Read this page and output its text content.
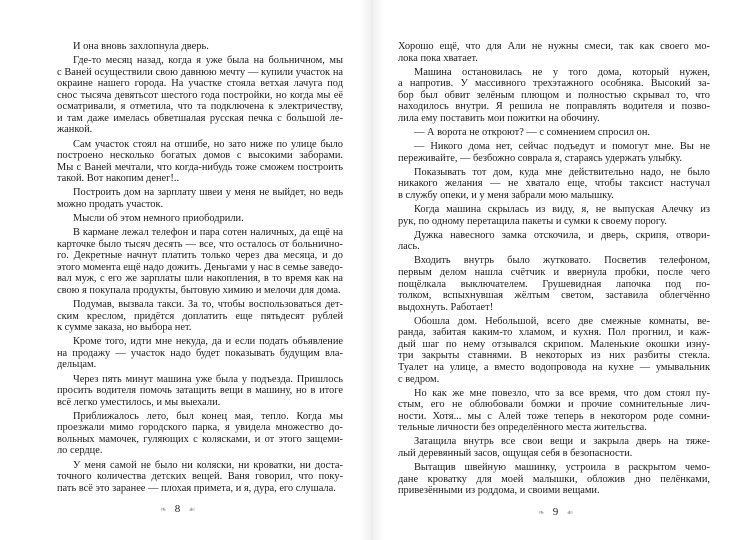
И она вновь захлопнула дверь.
Где-то месяц назад, когда я уже была на больничном, мы
с Ваней осуществили свою давнюю мечту — купили участок на
окраине нашего города. На участке стояла ветхая лачуга под
снос тысяча девятьсот шестого года постройки, но когда мы её
осматривали, я отметила, что та подключена к электричеству,
и там даже имелась обветшалая русская печка с большой ле-
жанкой.
Сам участок стоял на отшибе, но зато ниже по улице было
построено несколько богатых домов с высокими заборами.
Мы с Ваней мечтали, что когда-нибудь тоже сможем построить
такой. Вот накопим денег!..
Построить дом на зарплату швеи у меня не выйдет, но ведь
можно продать участок.
Мысли об этом немного приободрили.
В кармане лежал телефон и пара сотен наличных, да ещё на
карточке было тысяч десять — все, что осталось от больнично-
го. Декретные начнут платить только через два месяца, и до
этого момента ещё надо дожить. Деньгами у нас в семье заведо-
вал муж, с его же зарплаты шли накопления, в то время как на
свою я покупала продукты, бытовую химию и мелочи для дома.
Подумав, вызвала такси. За то, чтобы воспользоваться дет-
ским креслом, придётся доплатить еще пятьдесят рублей
к сумме заказа, но выбора нет.
Кроме того, идти мне некуда, да и если подать объявление
на продажу — участок надо будет показывать будущим вла-
дельцам.
Через пять минут машина уже была у подъезда. Пришлось
просить водителя помочь затащить вещи в машину, но в итоге
всё легко уместилось, и мы выехали.
Приближалось лето, был конец мая, тепло. Когда мы
проезжали мимо городского парка, я увидела множество до-
вольных мамочек, гуляющих с колясками, и от этого защеми-
ло сердце.
У меня самой не было ни коляски, ни кроватки, ни доста-
точного количества детских вещей. Ваня говорил, что поку-
пать всё это заранее — плохая примета, и я, дура, его слушала.
Хорошо ещё, что для Али не нужны смеси, так как своего мо-
лока пока хватает.
Машина остановилась не у того дома, который нужен,
а напротив. У массивного трехэтажного особняка. Высокий за-
бор был обвит зелёным плющом и полностью скрывал то, что
находилось внутри. Я решила не поправлять водителя и позво-
лила ему поставить мои пожитки на обочину.
— А ворота не откроют? — с сомнением спросил он.
— Никого дома нет, сейчас подъедут и помогут мне. Вы не
переживайте, — безбожно соврала я, стараясь удержать улыбку.
Показывать тот дом, куда мне действительно надо, не было
никакого желания — не хватало еще, чтобы таксист настучал
в службу опеки, и у меня забрали мою малышку.
Когда машина скрылась из виду, я, не выпуская Алечку из
рук, по одному перетащила пакеты и сумки к своему порогу.
Дужка навесного замка отскочила, и дверь, скрипя, отвори-
лась.
Входить внутрь было жутковато. Посветив телефоном,
первым делом нашла счётчик и ввернула пробки, после чего
пощёлкала выключателем. Грушевидная лапочка под по-
толком, вспыхнувшая жёлтым светом, заставила облегчённо
выдохнуть. Работает!
Обошла дом. Небольшой, всего две смежные комнаты, ве-
ранда, забитая каким-то хламом, и кухня. Пол прогнил, и каж-
дый шаг по нему отзывался скрипом. Маленькие окошки изну-
три закрыты ставнями. В некоторых из них разбиты стекла.
Туалет на улице, а вместо водопровода на кухне — умывальник
с ведром.
Но как же мне повезло, что за все время, что дом стоял пу-
стым, его не облюбовали бомжи и прочие сомнительные лич-
ности. Хотя... мы с Алей тоже теперь в некотором роде сомни-
тельные личности без определённого места жительства.
Затащила внутрь все свои вещи и закрыла дверь на тяже-
лый деревянный засов, ощущая себя в безопасности.
Вытащив швейную машинку, устроила в раскрытом чемо-
дане кроватку для моей малышки, обложив дно пелёнками,
привезёнными из роддома, и своими вещами.
❧ 8 ☙	❧ 9 ☙
